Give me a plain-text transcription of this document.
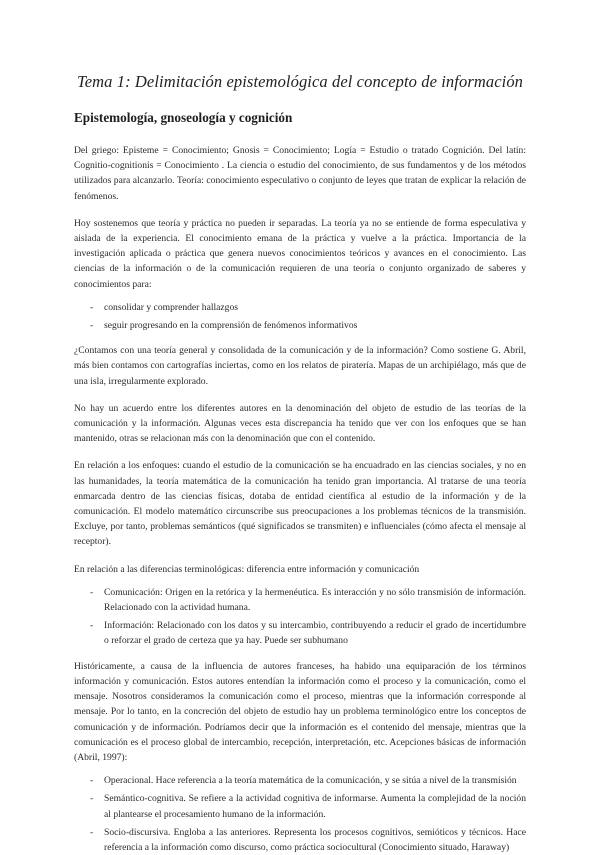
Tema 1: Delimitación epistemológica del concepto de información
Epistemología, gnoseología y cognición

Del griego: Episteme = Conocimiento; Gnosis = Conocimiento; Logía = Estudio o tratado Cognición. Del latín: Cognitio-cognitionis = Conocimiento . La ciencia o estudio del conocimiento, de sus fundamentos y de los métodos utilizados para alcanzarlo. Teoría: conocimiento especulativo o conjunto de leyes que tratan de explicar la relación de fenómenos.

Hoy sostenemos que teoría y práctica no pueden ir separadas. La teoría ya no se entiende de forma especulativa y aislada de la experiencia. El conocimiento emana de la práctica y vuelve a la práctica. Importancia de la investigación aplicada o práctica que genera nuevos conocimientos teóricos y avances en el conocimiento. Las ciencias de la información o de la comunicación requieren de una teoría o conjunto organizado de saberes y conocimientos para:

- consolidar y comprender hallazgos
- seguir progresando en la comprensión de fenómenos informativos

¿Contamos con una teoría general y consolidada de la comunicación y de la información? Como sostiene G. Abril, más bien contamos con cartografías inciertas, como en los relatos de piratería. Mapas de un archipiélago, más que de una isla, irregularmente explorado.

No hay un acuerdo entre los diferentes autores en la denominación del objeto de estudio de las teorías de la comunicación y la información. Algunas veces esta discrepancia ha tenido que ver con los enfoques que se han mantenido, otras se relacionan más con la denominación que con el contenido.

En relación a los enfoques: cuando el estudio de la comunicación se ha encuadrado en las ciencias sociales, y no en las humanidades, la teoría matemática de la comunicación ha tenido gran importancia. Al tratarse de una teoría enmarcada dentro de las ciencias físicas, dotaba de entidad científica al estudio de la información y de la comunicación. El modelo matemático circunscribe sus preocupaciones a los problemas técnicos de la transmisión. Excluye, por tanto, problemas semánticos (qué significados se transmiten) e influenciales (cómo afecta el mensaje al receptor).

En relación a las diferencias terminológicas: diferencia entre información y comunicación

- Comunicación: Origen en la retórica y la hermenéutica. Es interacción y no sólo transmisión de información. Relacionado con la actividad humana.
- Información: Relacionado con los datos y su intercambio, contribuyendo a reducir el grado de incertidumbre o reforzar el grado de certeza que ya hay. Puede ser subhumano

Históricamente, a causa de la influencia de autores franceses, ha habido una equiparación de los términos información y comunicación. Estos autores entendían la información como el proceso y la comunicación, como el mensaje. Nosotros consideramos la comunicación como el proceso, mientras que la información corresponde al mensaje. Por lo tanto, en la concreción del objeto de estudio hay un problema terminológico entre los conceptos de comunicación y de información. Podríamos decir que la información es el contenido del mensaje, mientras que la comunicación es el proceso global de intercambio, recepción, interpretación, etc. Acepciones básicas de información (Abril, 1997):

- Operacional. Hace referencia a la teoría matemática de la comunicación, y se sitúa a nivel de la transmisión
- Semántico-cognitiva. Se refiere a la actividad cognitiva de informarse. Aumenta la complejidad de la noción al plantearse el procesamiento humano de la información.
- Socio-discursiva. Engloba a las anteriores. Representa los procesos cognitivos, semióticos y técnicos. Hace referencia a la información como discurso, como práctica sociocultural (Conocimiento situado, Haraway)
